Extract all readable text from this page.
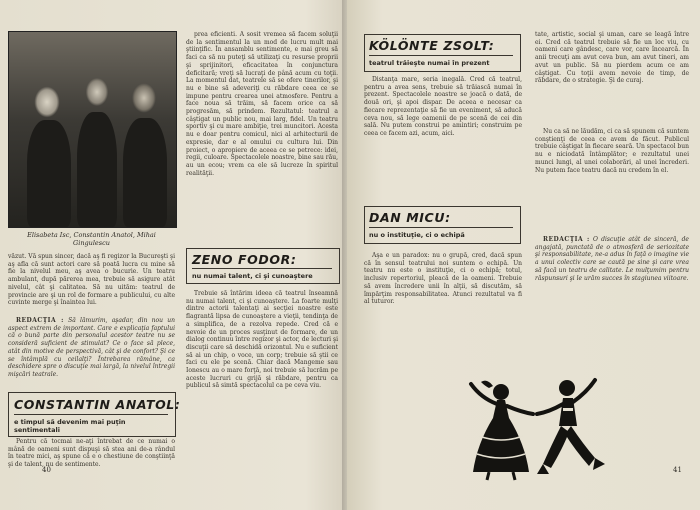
Elisabeta Isc, Constantin Anatol, Mihai Gingulescu

prea eficienti. A sosit vremea să facem soluţii de la sentimentul la un mod de lucru mult mai ştiinţific. În ansamblu sentimente, e mai greu să faci ca să nu puteţi să utilizaţi cu resurse proprii şi sprijinitori, eficacitatea în conjunctura deficitară; vreţi să lucraţi de până acum cu toţii. La momentul dat, teatrele să se ofere tinerilor, şi nu e bine să adeveriţi cu răbdare ceea ce se impune pentru crearea unei atmosfere. Pentru a face noua să trăim, să facem orice ca să progresăm, să prindem. Rezultatul: teatrul a câştigat un public nou, mai larg, fidel. Un teatru sportiv şi cu mare ambiţie, trei muncitori. Acesta nu e doar pentru comicul, nici al arhitecturii de expresie, dar e al omului cu cultura lui. Din proiect, o apropiere de aceea ce se petrece: idei, regii, culoare. Spectacolele noastre, bine sau rău, au un ecou; vrem ca ele să lucreze în spiritul realităţii.

văzut. Vă spun sincer, dacă aş fi regizor la Bucureşti şi aş afla că sunt actori care să poată lucra cu mine să fie la nivelul meu, aş avea o bucurie. Un teatru ambulant, după părerea mea, trebuie să asigure atât nivelul, cât şi calitatea. Să nu uităm: teatrul de provincie are şi un rol de formare a publicului, cu alte cuvinte merge şi înaintea lui.

REDACŢIA : Să lămurim, aşadar, din nou un aspect extrem de important. Care e explicaţia faptului că o bună parte din personalul acestor teatre nu se consideră suficient de stimulat? Ce o face să plece, atât din motive de perspectivă, cât şi de confort? Şi ce se întâmplă cu ceilalţi? Întrebarea rămâne, ca deschidere spre o discuţie mai largă, la nivelul întregii mişcări teatrale.

CONSTANTIN ANATOL:
e timpul să devenim mai puţin sentimentali

Pentru că tocmai ne-aţi întrebat de ce numai o mână de oameni sunt dispuşi să stea ani de-a rândul în teatre mici, aş spune că e o chestiune de conştiinţă şi de talent, nu de sentimente.

ZENO FODOR:
nu numai talent, ci şi cunoaştere

Trebuie să întărim ideea că teatrul înseamnă nu numai talent, ci şi cunoaştere. La foarte mulţi dintre actorii talentaţi ai secţiei noastre este flagrantă lipsa de cunoaştere a vieţii, tendinţa de a simplifica, de a rezolva repede. Cred că e nevoie de un proces susţinut de formare, de un dialog continuu între regizor şi actor, de lecturi şi discuţii care să deschidă orizontul. Nu e suficient să ai un chip, o voce, un corp; trebuie să ştii ce faci cu ele pe scenă. Chiar dacă Mangeme sau Ionescu au o mare forţă, noi trebuie să lucrăm pe aceste lucruri cu grijă şi răbdare, pentru ca publicul să simtă spectacolul ca pe ceva viu.

40
KÖLÖNTE ZSOLT:
teatrul trăieşte numai în prezent

Distanţa mare, seria inegală. Cred că teatrul, pentru a avea sens, trebuie să trăiască numai în prezent. Spectacolele noastre se joacă o dată, de două ori, şi apoi dispar. De aceea e necesar ca fiecare reprezentaţie să fie un eveniment, să aducă ceva nou, să lege oamenii de pe scenă de cei din sală. Nu putem construi pe amintiri; construim pe ceea ce facem azi, acum, aici.

DAN MICU:
nu o instituţie, ci o echipă

Aşa e un paradox: nu o grupă, cred, dacă spun că în sensul teatrului noi suntem o echipă. Un teatru nu este o instituţie, ci o echipă; totul, inclusiv repertoriul, pleacă de la oameni. Trebuie să avem încredere unii în alţii, să discutăm, să împărţim responsabilitatea. Atunci rezultatul va fi al tuturor.

tate, artistic, social şi uman, care se leagă între ei. Cred că teatrul trebuie să fie un loc viu, cu oameni care gândesc, care vor, care încearcă. În anii trecuţi am avut ceva bun, am avut tineri, am avut un public. Să nu pierdem acum ce am câştigat. Cu toţii avem nevoie de timp, de răbdare, de o strategie. Şi de curaj.

Nu ca să ne lăudăm, ci ca să spunem că suntem conştienţi de ceea ce avem de făcut. Publicul trebuie câştigat în fiecare seară. Un spectacol bun nu e niciodată întâmplător; e rezultatul unei munci lungi, al unei colaborări, al unei încrederi. Nu putem face teatru dacă nu credem în el.

REDACŢIA : O discuţie atât de sinceră, de angajată, punctată de o atmosferă de seriozitate şi responsabilitate, ne-a adus în faţă o imagine vie a unui colectiv care se caută pe sine şi care vrea să facă un teatru de calitate. Le mulţumim pentru răspunsuri şi le urăm succes în stagiunea viitoare.

41
